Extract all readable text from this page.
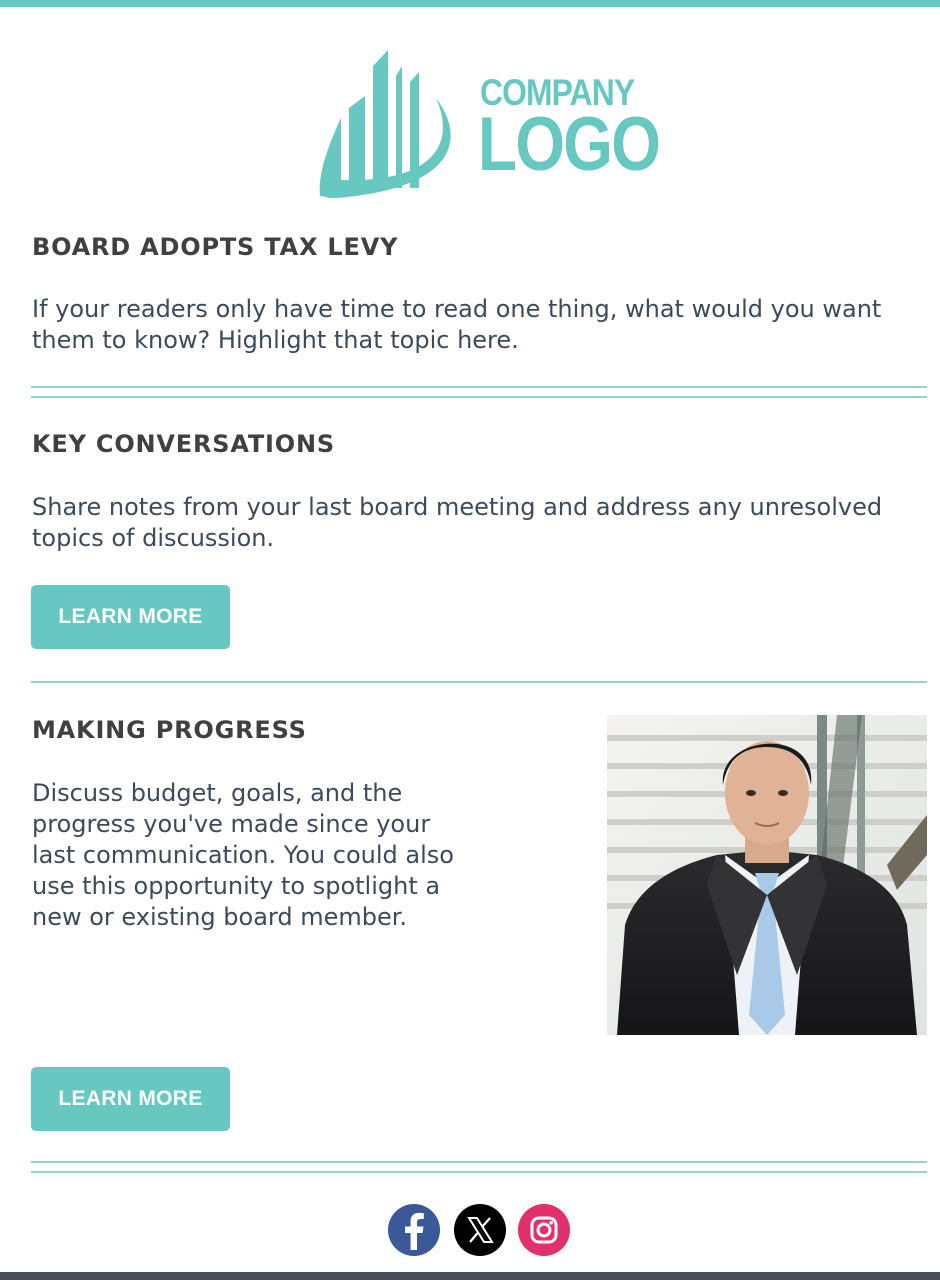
COMPANY
LOGO
BOARD ADOPTS TAX LEVY

If your readers only have time to read one thing, what would you want them to know? Highlight that topic here.

KEY CONVERSATIONS

Share notes from your last board meeting and address any unresolved topics of discussion.

LEARN MORE
MAKING PROGRESS

Discuss budget, goals, and the progress you've made since your last communication. You could also use this opportunity to spotlight a new or existing board member.

LEARN MORE
